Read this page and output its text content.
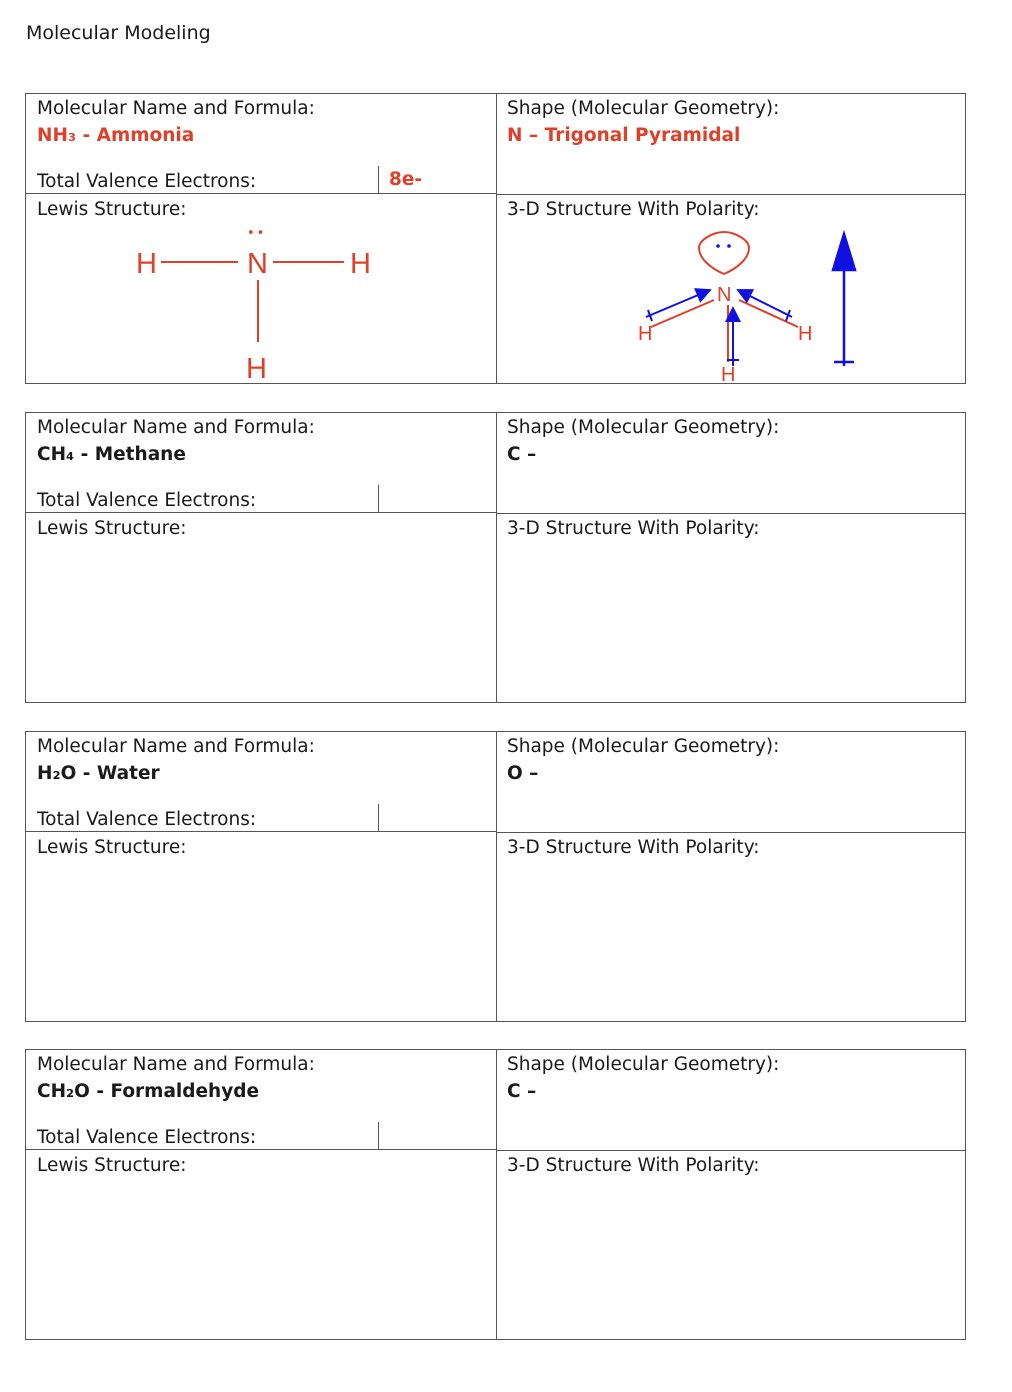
Molecular Modeling
8e-
Molecular Name and Formula:
NH₃ - Ammonia
Total Valence Electrons:
Lewis Structure:
Shape (Molecular Geometry):
N – Trigonal Pyramidal
3-D Structure With Polarity:
H	N	H
H
••
N
H	H
H
Molecular Name and Formula:
CH₄ - Methane
Total Valence Electrons:
Lewis Structure:
Shape (Molecular Geometry):
C –
3-D Structure With Polarity:
Molecular Name and Formula:
H₂O - Water
Total Valence Electrons:
Lewis Structure:
Shape (Molecular Geometry):
O –
3-D Structure With Polarity:
Molecular Name and Formula:
CH₂O - Formaldehyde
Total Valence Electrons:
Lewis Structure:
Shape (Molecular Geometry):
C –
3-D Structure With Polarity:
